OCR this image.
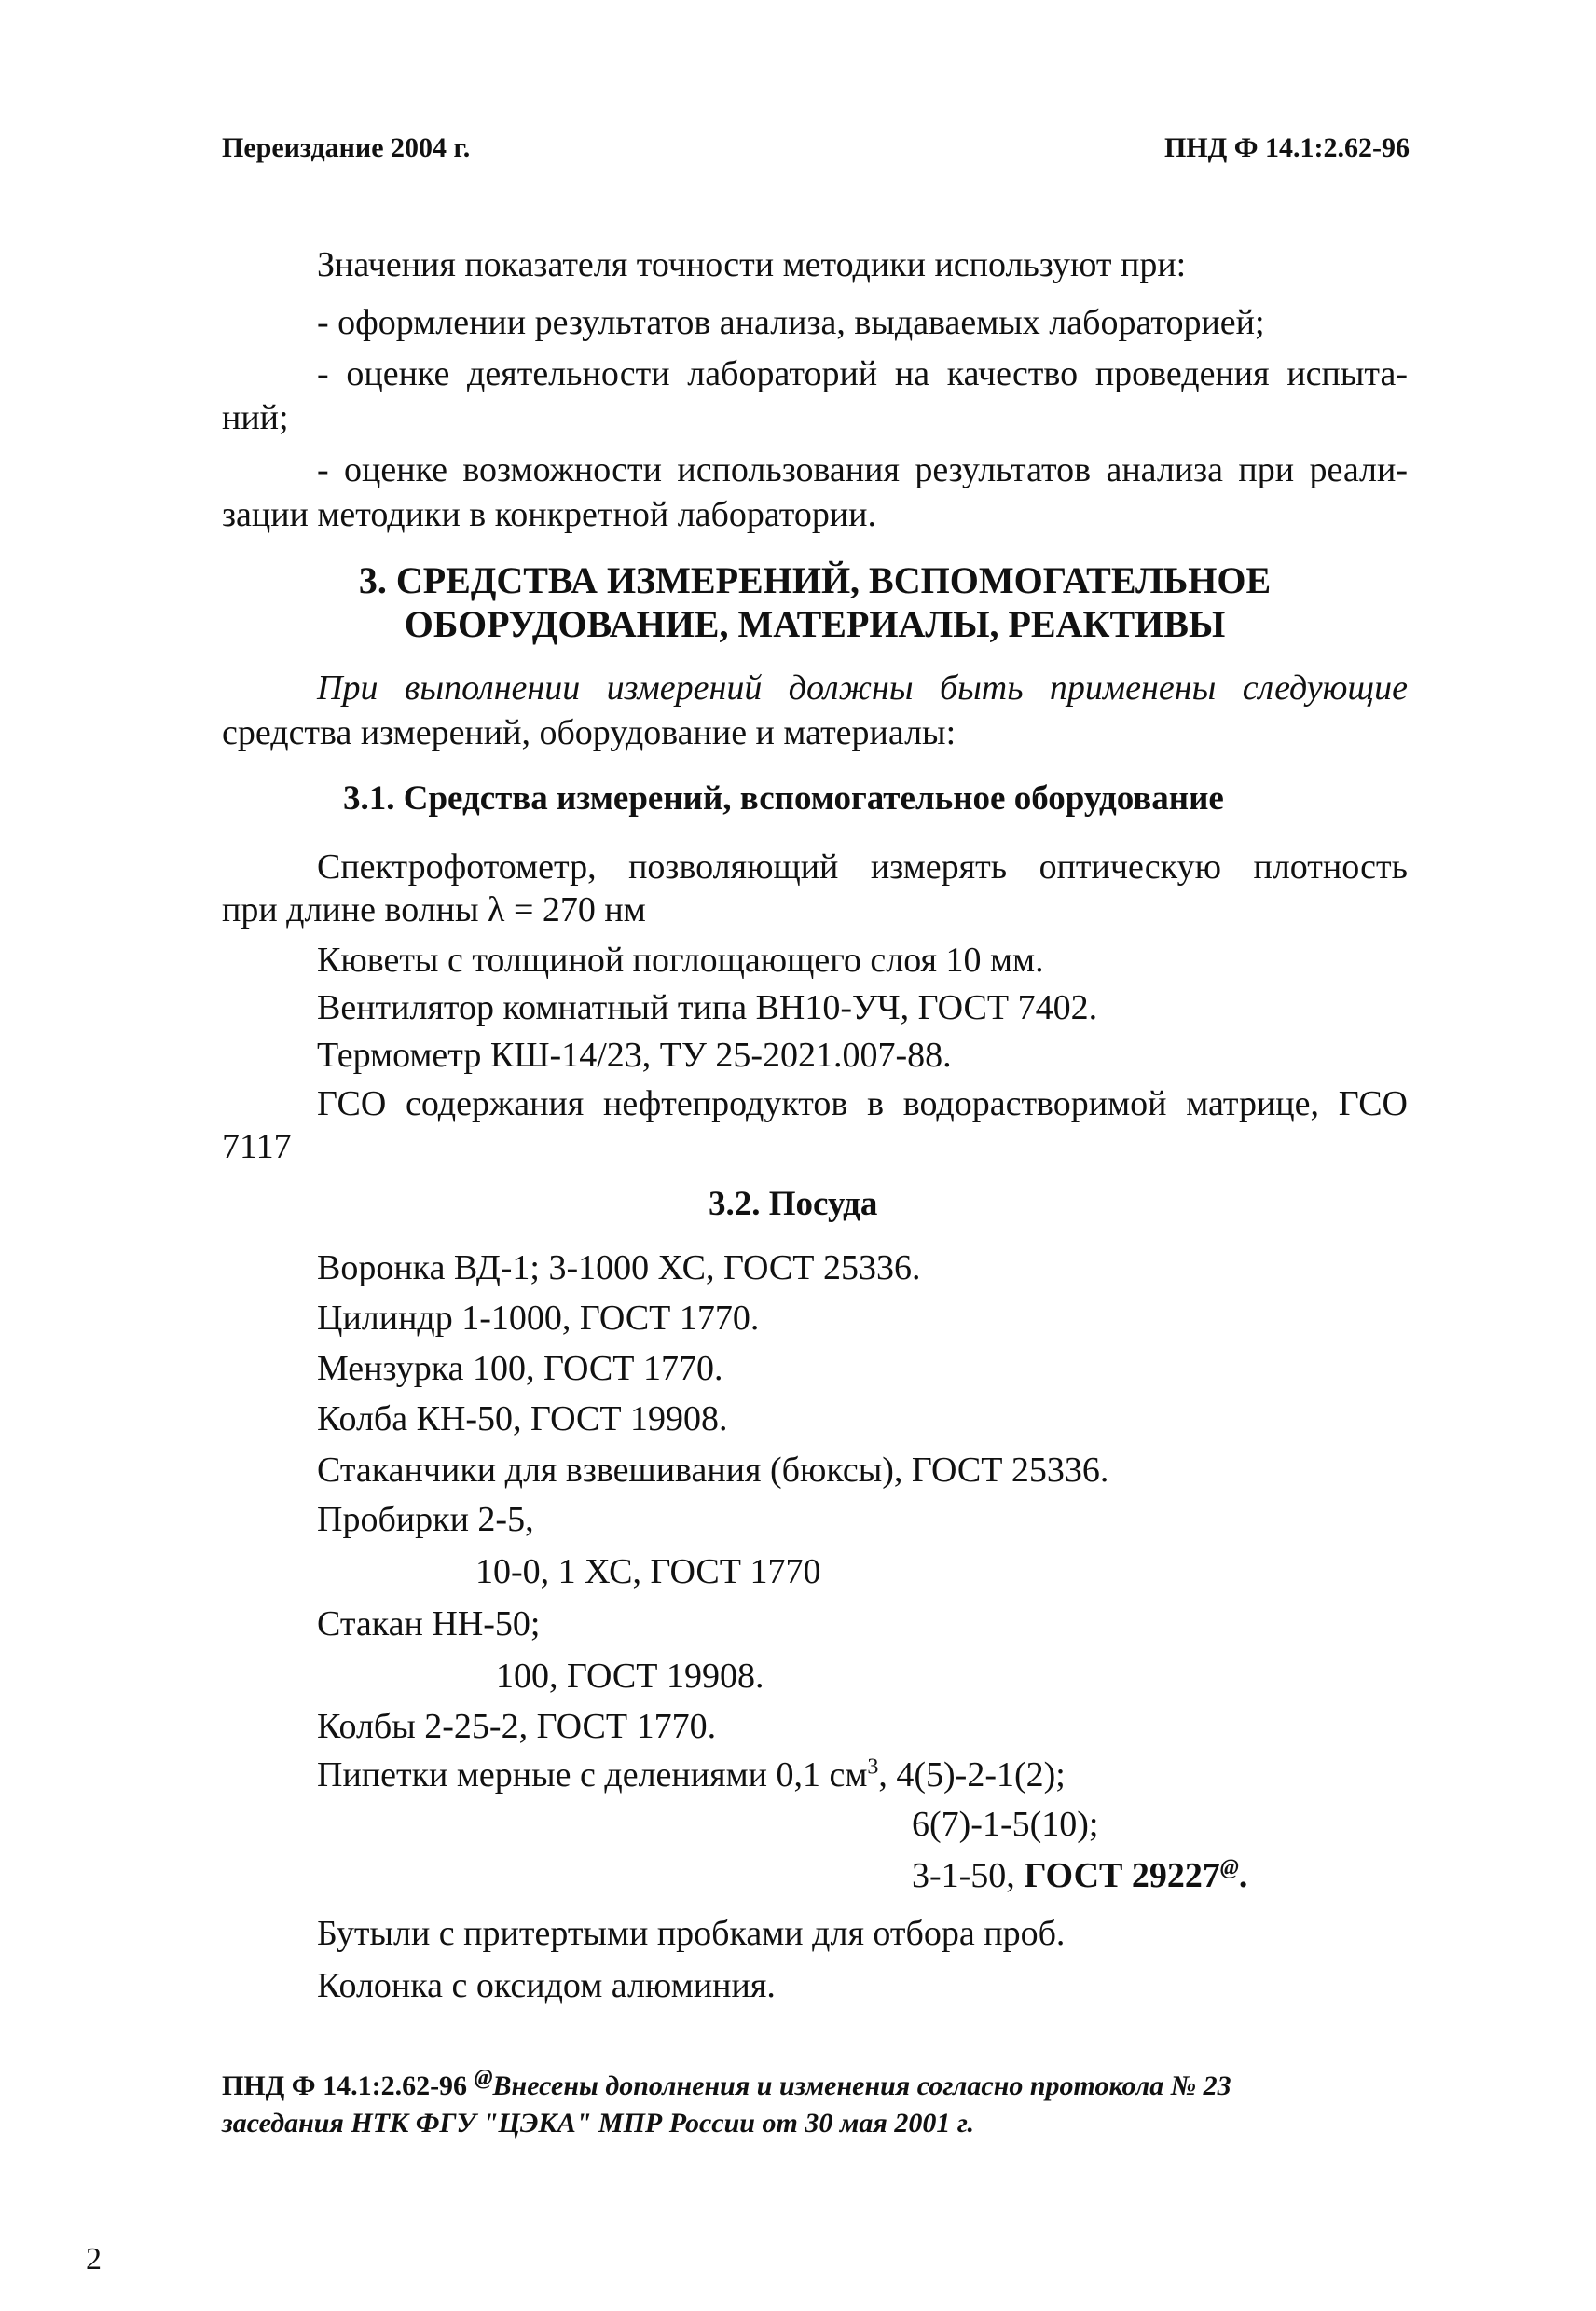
Переиздание 2004 г.	ПНД Ф 14.1:2.62-96
Значения показателя точности методики используют при:
- оформлении результатов анализа, выдаваемых лабораторией;
- оценке деятельности лабораторий на качество проведения испыта-
ний;
- оценке возможности использования результатов анализа при реали-
зации методики в конкретной лаборатории.
3. СРЕДСТВА ИЗМЕРЕНИЙ, ВСПОМОГАТЕЛЬНОЕ
ОБОРУДОВАНИЕ, МАТЕРИАЛЫ, РЕАКТИВЫ
При выполнении измерений должны быть применены следующие
средства измерений, оборудование и материалы:
3.1. Средства измерений, вспомогательное оборудование
Спектрофотометр, позволяющий измерять оптическую плотность
при длине волны λ = 270 нм
Кюветы с толщиной поглощающего слоя 10 мм.
Вентилятор комнатный типа ВН10-УЧ, ГОСТ 7402.
Термометр КШ-14/23, ТУ 25-2021.007-88.
ГСО содержания нефтепродуктов в водорастворимой матрице, ГСО
7117
3.2. Посуда
Воронка ВД-1; 3-1000 ХС, ГОСТ 25336.
Цилиндр 1-1000, ГОСТ 1770.
Мензурка 100, ГОСТ 1770.
Колба КН-50, ГОСТ 19908.
Стаканчики для взвешивания (бюксы), ГОСТ 25336.
Пробирки 2-5,
10-0, 1 ХС, ГОСТ 1770
Стакан НН-50;
100, ГОСТ 19908.
Колбы 2-25-2, ГОСТ 1770.
Пипетки мерные с делениями 0,1 $см^3$, 4(5)-2-1(2);
6(7)-1-5(10);
3-1-50, ГОСТ 29227@.
Бутыли с притертыми пробками для отбора проб.
Колонка с оксидом алюминия.
ПНД Ф 14.1:2.62-96 @Внесены дополнения и изменения согласно протокола № 23
заседания НТК ФГУ "ЦЭКА" МПР России от 30 мая 2001 г.
2
